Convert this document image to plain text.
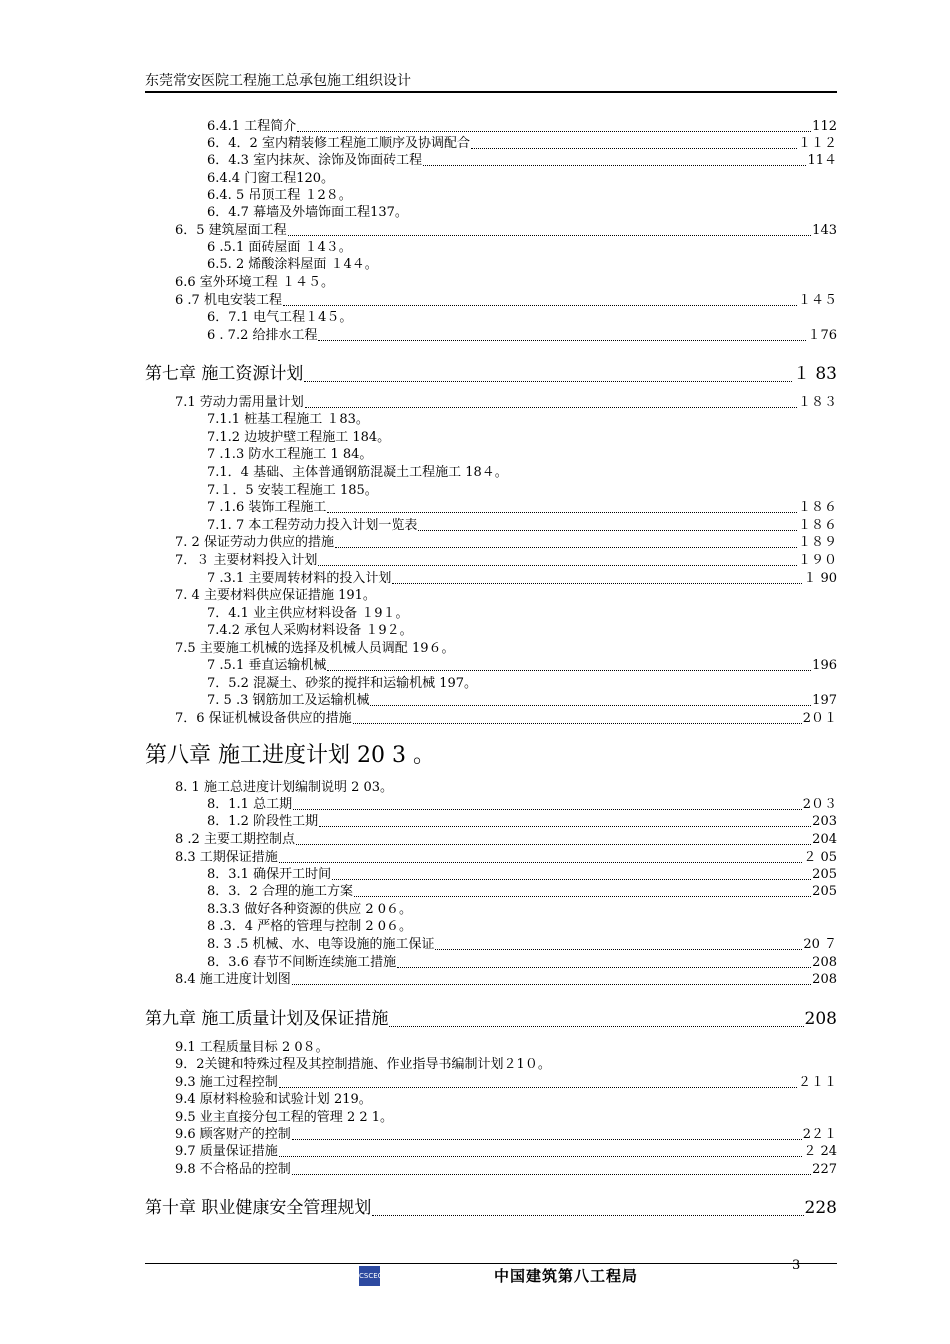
东莞常安医院工程施工总承包施工组织设计
6.4.1 工程简介	112
6．4．2 室内精装修工程施工顺序及协调配合	１１２
6．4.3 室内抹灰、涂饰及饰面砖工程	11４
6.4.4 门窗工程120。
6.4. 5 吊顶工程 １2８。
6．4.7 幕墙及外墙饰面工程137。
6．5 建筑屋面工程	143
6 .5.1 面砖屋面 １4３。
6.5. 2 烯酸涂料屋面 １4４。
6.6 室外环境工程 １４５。
6 .7 机电安装工程	１４５
6．7.1 电气工程１4５。
6 . 7.2 给排水工程	１76
第七章 施工资源计划	１ 83
7.1 劳动力需用量计划	１８３
7.1.1 桩基工程施工 １83。
7.1.2 边坡护壁工程施工 184。
7 .1.3 防水工程施工 1 84。
7.1．4 基础、主体普通钢筋混凝土工程施工 18４。
7.１．5 安装工程施工 185。
7 .1.6 装饰工程施工	１８６
7.1. 7 本工程劳动力投入计划一览表	１８６
7. 2 保证劳动力供应的措施	１８９
7．３ 主要材料投入计划	１９０
7 .3.1 主要周转材料的投入计划	１ 90
7. 4 主要材料供应保证措施 191。
7．4.1 业主供应材料设备 １9１。
7.4.2 承包人采购材料设备 １9２。
7.5 主要施工机械的选择及机械人员调配 19６。
7 .5.1 垂直运输机械	196
7．5.2 混凝土、砂浆的搅拌和运输机械 197。
7. 5 .3 钢筋加工及运输机械	197
7．6 保证机械设备供应的措施	2０１
第八章 施工进度计划 20 3 。
8. 1 施工总进度计划编制说明 2 03。
8．1.1 总工期	2０３
8．1.2 阶段性工期	203
8 .2 主要工期控制点	204
8.3 工期保证措施	２ 05
8．3.1 确保开工时间	205
8．3．2 合理的施工方案	205
8.3.3 做好各种资源的供应 2 0６。
8 .3．4 严格的管理与控制 2 0６。
8. 3 .5 机械、水、电等设施的施工保证	20 ７
8．3.6 春节不间断连续施工措施	208
8.4 施工进度计划图	208
第九章 施工质量计划及保证措施	208
9.1 工程质量目标 2 0８。
9．2关键和特殊过程及其控制措施、作业指导书编制计划２1０。
9.3 施工过程控制	２１１
9.4 原材料检验和试验计划 219。
9.5 业主直接分包工程的管理 2 2 1。
9.6 顾客财产的控制	2２１
9.7 质量保证措施	２ 24
9.8 不合格品的控制	227
第十章 职业健康安全管理规划	228
3
CSCEC	中国建筑第八工程局
